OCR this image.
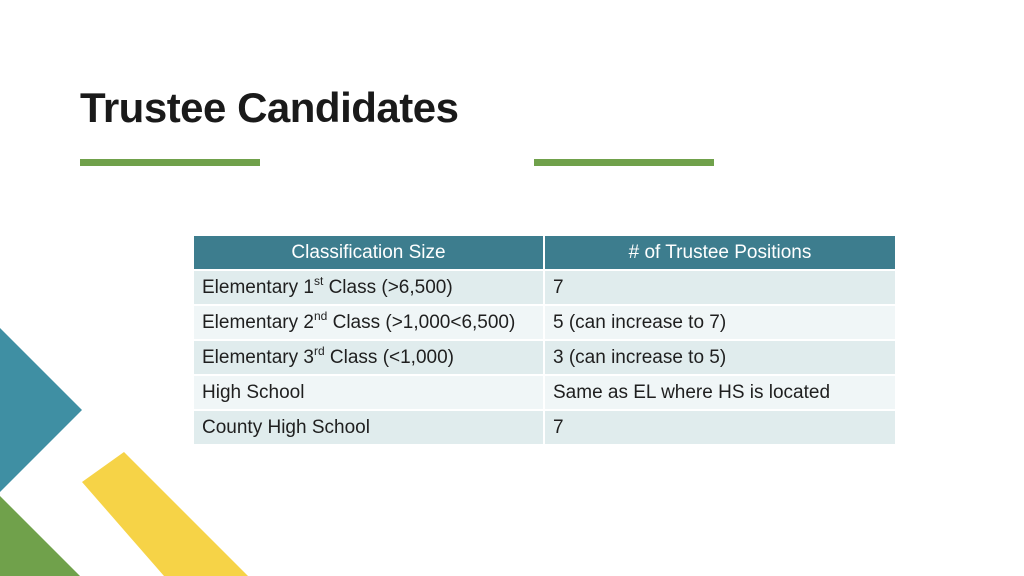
Trustee Candidates
Classification Size	# of Trustee Positions
Elementary 1st Class (>6,500)	7
Elementary 2nd Class (>1,000<6,500)	5 (can increase to 7)
Elementary 3rd Class (<1,000)	3 (can increase to 5)
High School	Same as EL where HS is located
County High School	7
